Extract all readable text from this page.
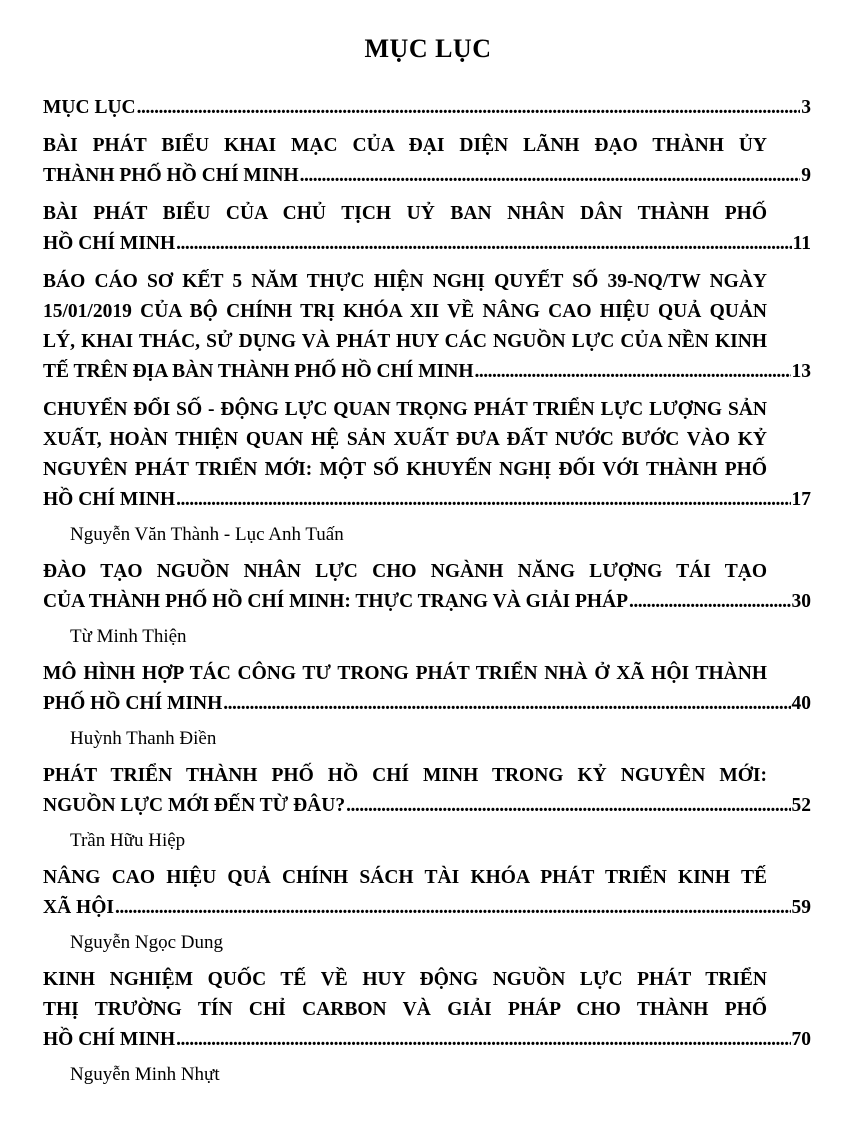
MỤC LỤC
MỤC LỤC .....	3
BÀI PHÁT BIỂU KHAI MẠC CỦA ĐẠI DIỆN LÃNH ĐẠO THÀNH ỦY
THÀNH PHỐ HỒ CHÍ MINH .....	9
BÀI PHÁT BIỂU CỦA CHỦ TỊCH UỶ BAN NHÂN DÂN THÀNH PHỐ
HỒ CHÍ MINH .....	11
BÁO CÁO SƠ KẾT 5 NĂM THỰC HIỆN NGHỊ QUYẾT SỐ 39-NQ/TW NGÀY
15/01/2019 CỦA BỘ CHÍNH TRỊ KHÓA XII VỀ NÂNG CAO HIỆU QUẢ QUẢN
LÝ, KHAI THÁC, SỬ DỤNG VÀ PHÁT HUY CÁC NGUỒN LỰC CỦA NỀN KINH
TẾ TRÊN ĐỊA BÀN THÀNH PHỐ HỒ CHÍ MINH .....	13
CHUYỂN ĐỔI SỐ - ĐỘNG LỰC QUAN TRỌNG PHÁT TRIỂN LỰC LƯỢNG SẢN
XUẤT, HOÀN THIỆN QUAN HỆ SẢN XUẤT ĐƯA ĐẤT NƯỚC BƯỚC VÀO KỶ
NGUYÊN PHÁT TRIỂN MỚI: MỘT SỐ KHUYẾN NGHỊ ĐỐI VỚI THÀNH PHỐ
HỒ CHÍ MINH .....	17
Nguyễn Văn Thành - Lục Anh Tuấn
ĐÀO TẠO NGUỒN NHÂN LỰC CHO NGÀNH NĂNG LƯỢNG TÁI TẠO
CỦA THÀNH PHỐ HỒ CHÍ MINH: THỰC TRẠNG VÀ GIẢI PHÁP .....	30
Từ Minh Thiện
MÔ HÌNH HỢP TÁC CÔNG TƯ TRONG PHÁT TRIỂN NHÀ Ở XÃ HỘI THÀNH
PHỐ HỒ CHÍ MINH .....	40
Huỳnh Thanh Điền
PHÁT TRIỂN THÀNH PHỐ HỒ CHÍ MINH TRONG KỶ NGUYÊN MỚI:
NGUỒN LỰC MỚI ĐẾN TỪ ĐÂU? .....	52
Trần Hữu Hiệp
NÂNG CAO HIỆU QUẢ CHÍNH SÁCH TÀI KHÓA PHÁT TRIỂN KINH TẾ
XÃ HỘI .....	59
Nguyễn Ngọc Dung
KINH NGHIỆM QUỐC TẾ VỀ HUY ĐỘNG NGUỒN LỰC PHÁT TRIỂN
THỊ TRƯỜNG TÍN CHỈ CARBON VÀ GIẢI PHÁP CHO THÀNH PHỐ
HỒ CHÍ MINH .....	70
Nguyễn Minh Nhựt
